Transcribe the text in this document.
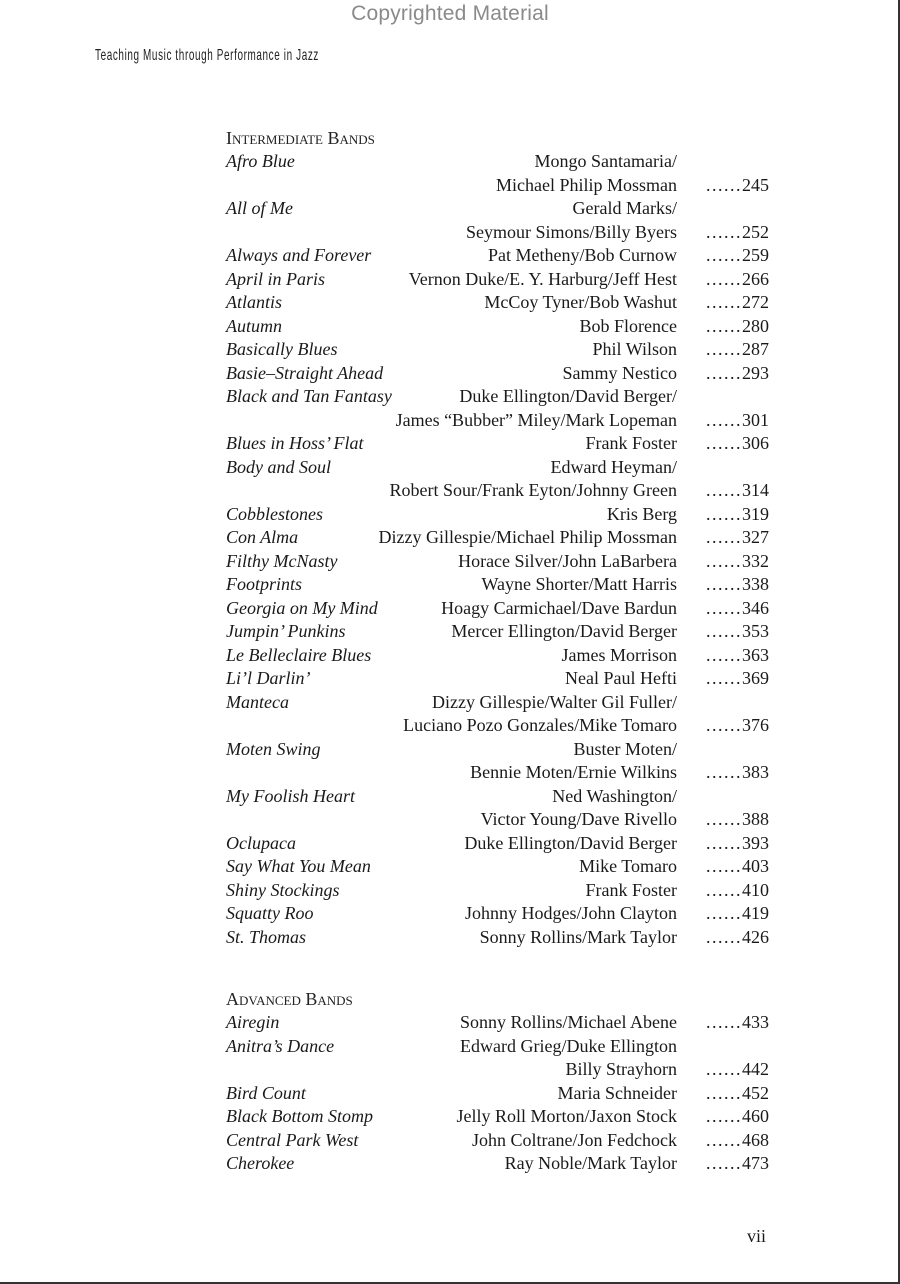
Copyrighted Material
Teaching Music through Performance in Jazz
Intermediate Bands
Afro Blue	Mongo Santamaria/
Michael Philip Mossman	......245
All of Me	Gerald Marks/
Seymour Simons/Billy Byers	......252
Always and Forever	Pat Metheny/Bob Curnow	......259
April in Paris	Vernon Duke/E. Y. Harburg/Jeff Hest	......266
Atlantis	McCoy Tyner/Bob Washut	......272
Autumn	Bob Florence	......280
Basically Blues	Phil Wilson	......287
Basie–Straight Ahead	Sammy Nestico	......293
Black and Tan Fantasy	Duke Ellington/David Berger/
James “Bubber” Miley/Mark Lopeman	......301
Blues in Hoss’ Flat	Frank Foster	......306
Body and Soul	Edward Heyman/
Robert Sour/Frank Eyton/Johnny Green	......314
Cobblestones	Kris Berg	......319
Con Alma	Dizzy Gillespie/Michael Philip Mossman	......327
Filthy McNasty	Horace Silver/John LaBarbera	......332
Footprints	Wayne Shorter/Matt Harris	......338
Georgia on My Mind	Hoagy Carmichael/Dave Bardun	......346
Jumpin’ Punkins	Mercer Ellington/David Berger	......353
Le Belleclaire Blues	James Morrison	......363
Li’l Darlin’	Neal Paul Hefti	......369
Manteca	Dizzy Gillespie/Walter Gil Fuller/
Luciano Pozo Gonzales/Mike Tomaro	......376
Moten Swing	Buster Moten/
Bennie Moten/Ernie Wilkins	......383
My Foolish Heart	Ned Washington/
Victor Young/Dave Rivello	......388
Oclupaca	Duke Ellington/David Berger	......393
Say What You Mean	Mike Tomaro	......403
Shiny Stockings	Frank Foster	......410
Squatty Roo	Johnny Hodges/John Clayton	......419
St. Thomas	Sonny Rollins/Mark Taylor	......426
Advanced Bands
Airegin	Sonny Rollins/Michael Abene	......433
Anitra’s Dance	Edward Grieg/Duke Ellington
Billy Strayhorn	......442
Bird Count	Maria Schneider	......452
Black Bottom Stomp	Jelly Roll Morton/Jaxon Stock	......460
Central Park West	John Coltrane/Jon Fedchock	......468
Cherokee	Ray Noble/Mark Taylor	......473
vii
